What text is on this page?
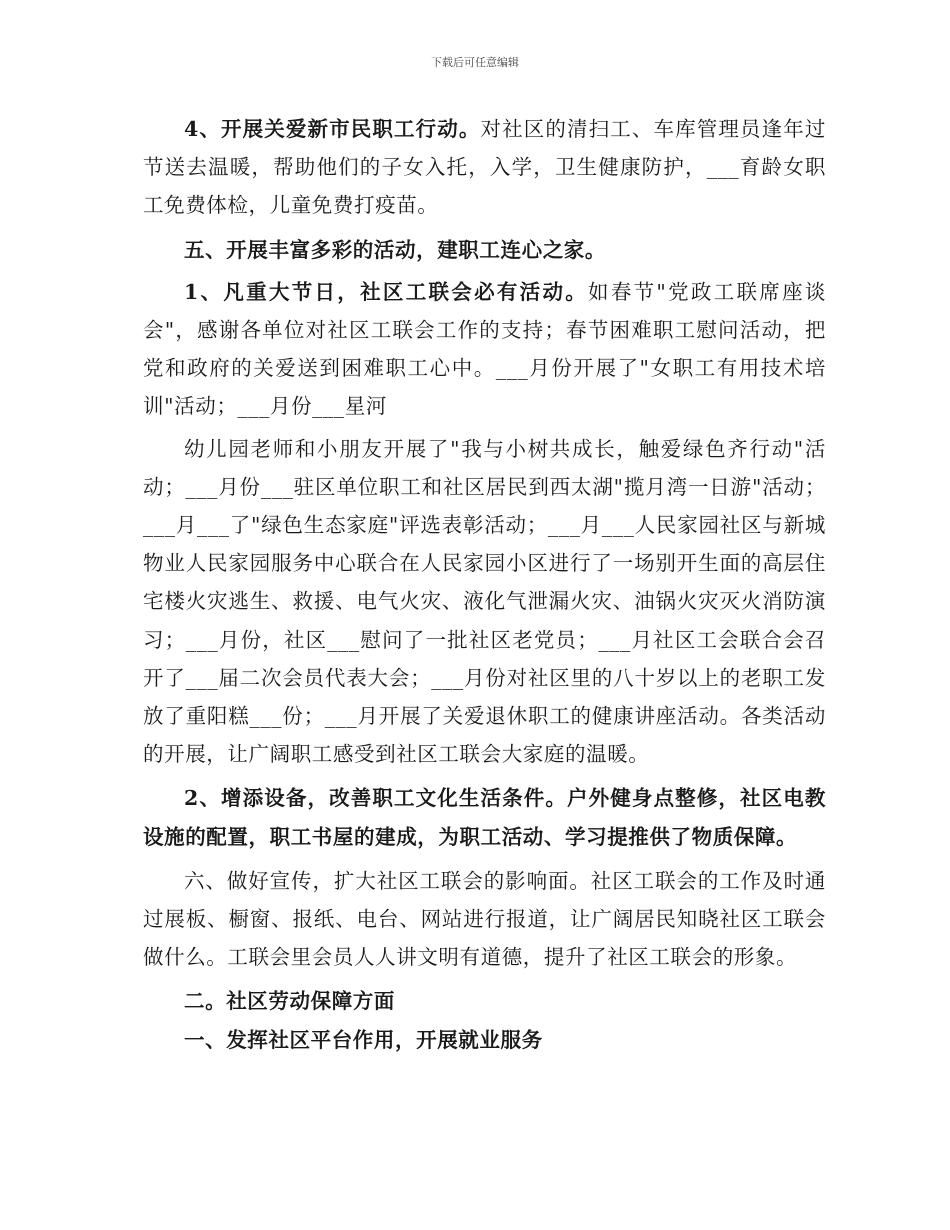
下载后可任意编辑

4、开展关爱新市民职工行动。对社区的清扫工、车库管理员逢年过节送去温暖，帮助他们的子女入托，入学，卫生健康防护，___育龄女职工免费体检，儿童免费打疫苗。

五、开展丰富多彩的活动，建职工连心之家。

1、凡重大节日，社区工联会必有活动。如春节"党政工联席座谈会"，感谢各单位对社区工联会工作的支持；春节困难职工慰问活动，把党和政府的关爱送到困难职工心中。___月份开展了"女职工有用技术培训"活动；___月份___星河

幼儿园老师和小朋友开展了"我与小树共成长，触爱绿色齐行动"活动；___月份___驻区单位职工和社区居民到西太湖"揽月湾一日游"活动；___月___了"绿色生态家庭"评选表彰活动；___月___人民家园社区与新城物业人民家园服务中心联合在人民家园小区进行了一场别开生面的高层住宅楼火灾逃生、救援、电气火灾、液化气泄漏火灾、油锅火灾灭火消防演习；___月份，社区___慰问了一批社区老党员；___月社区工会联合会召开了___届二次会员代表大会；___月份对社区里的八十岁以上的老职工发放了重阳糕___份；___月开展了关爱退休职工的健康讲座活动。各类活动的开展，让广阔职工感受到社区工联会大家庭的温暖。

2、增添设备，改善职工文化生活条件。户外健身点整修，社区电教设施的配置，职工书屋的建成，为职工活动、学习提推供了物质保障。

六、做好宣传，扩大社区工联会的影响面。社区工联会的工作及时通过展板、橱窗、报纸、电台、网站进行报道，让广阔居民知晓社区工联会做什么。工联会里会员人人讲文明有道德，提升了社区工联会的形象。

二。社区劳动保障方面

一、发挥社区平台作用，开展就业服务
